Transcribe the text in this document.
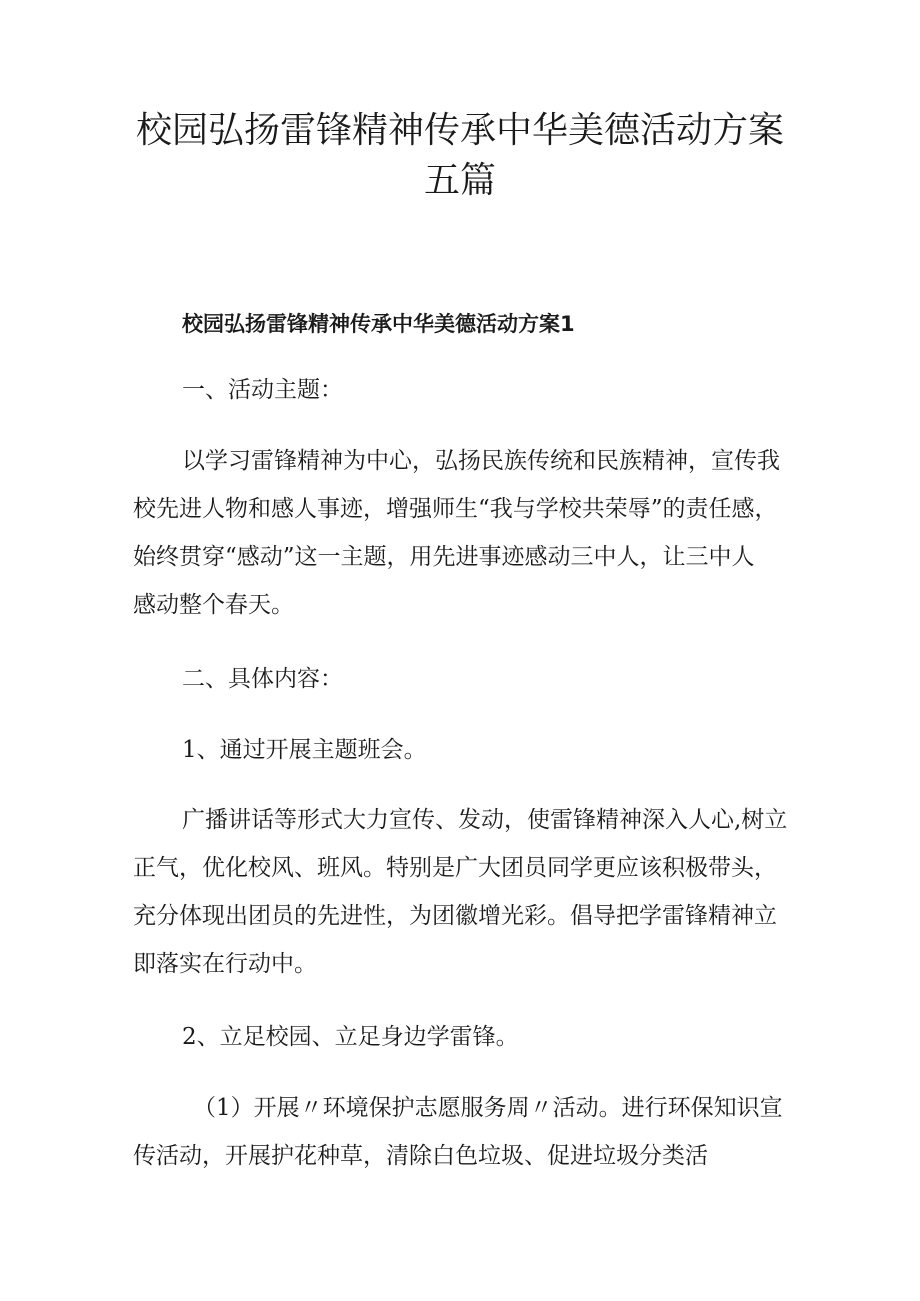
校园弘扬雷锋精神传承中华美德活动方案
五篇

校园弘扬雷锋精神传承中华美德活动方案1

一、活动主题：

以学习雷锋精神为中心，弘扬民族传统和民族精神，宣传我

校先进人物和感人事迹，增强师生“我与学校共荣辱”的责任感，

始终贯穿“感动”这一主题，用先进事迹感动三中人，让三中人

感动整个春天。

二、具体内容：

1、通过开展主题班会。

广播讲话等形式大力宣传、发动，使雷锋精神深入人心,树立

正气，优化校风、班风。特别是广大团员同学更应该积极带头，

充分体现出团员的先进性，为团徽增光彩。倡导把学雷锋精神立

即落实在行动中。

2、立足校园、立足身边学雷锋。

（1）开展〃环境保护志愿服务周〃活动。进行环保知识宣

传活动，开展护花种草，清除白色垃圾、促进垃圾分类活
